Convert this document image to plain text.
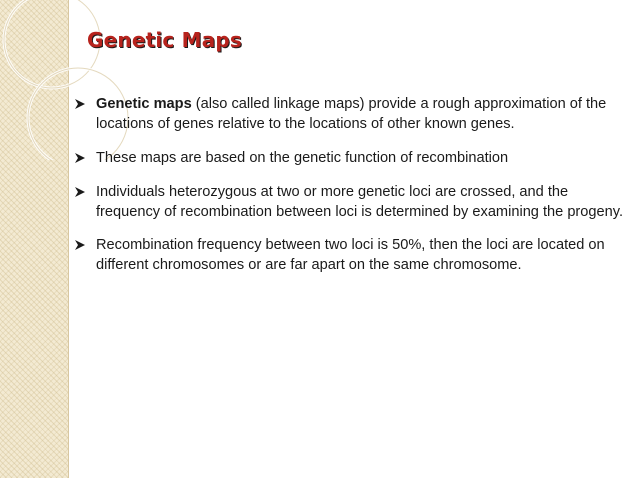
Genetic Maps
Genetic maps (also called linkage maps) provide a rough approximation of the locations of genes relative to the locations of other known genes.
These maps are based on the genetic function of recombination
Individuals heterozygous at two or more genetic loci are crossed, and the frequency of recombination between loci is determined by examining the progeny.
Recombination frequency between two loci is 50%, then the loci are located on different chromosomes or are far apart on the same chromosome.
